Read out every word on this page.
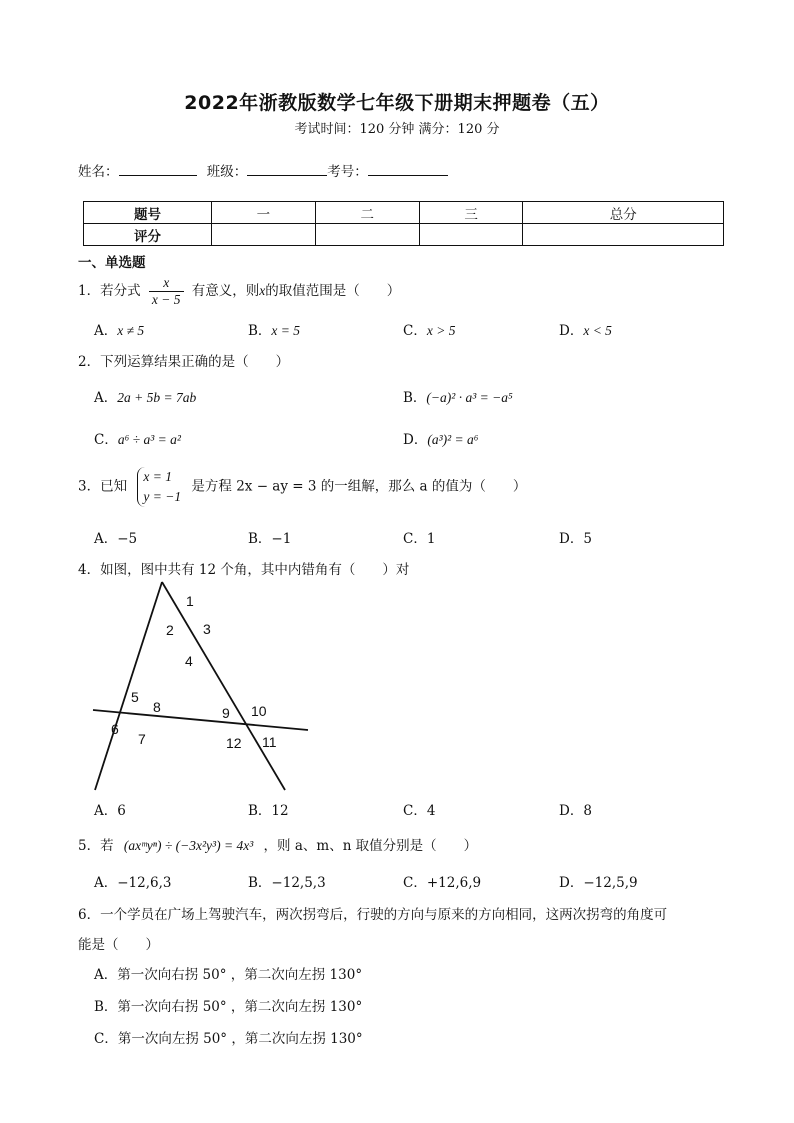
2022年浙教版数学七年级下册期末押题卷（五）
考试时间：120 分钟 满分：120 分
姓名：	班级：	考号：
题号	一	二	三	总分
评分				
一、单选题
1．若分式 $\frac{x}{x - 5}$ 有意义，则x的取值范围是（　　）
A．x ≠ 5	B．x = 5	C．x > 5	D．x < 5
2．下列运算结果正确的是（　　）
A．2a + 5b = 7ab	B．(−a)² · a³ = −a⁵
C．a⁶ ÷ a³ = a²	D．(a³)² = a⁶
3．已知
x = 1
y = −1
是方程 2x − ay = 3 的一组解，那么 a 的值为（　　）
A．−5	B．−1	C．1	D．5
4．如图，图中共有 12 个角，其中内错角有（　　）对
1
2 3
4
5
8
6
7
9 10
12 11
A．6	B．12	C．4	D．8
5．若 (axᵐyⁿ) ÷ (−3x²y³) = 4x³ ，则 a、m、n 取值分别是（　　）
A．−12,6,3	B．−12,5,3	C．+12,6,9	D．−12,5,9
6．一个学员在广场上驾驶汽车，两次拐弯后，行驶的方向与原来的方向相同，这两次拐弯的角度可
能是（　　）
A．第一次向右拐 50° ，第二次向左拐 130°
B．第一次向右拐 50° ，第二次向左拐 130°
C．第一次向左拐 50° ，第二次向左拐 130°
